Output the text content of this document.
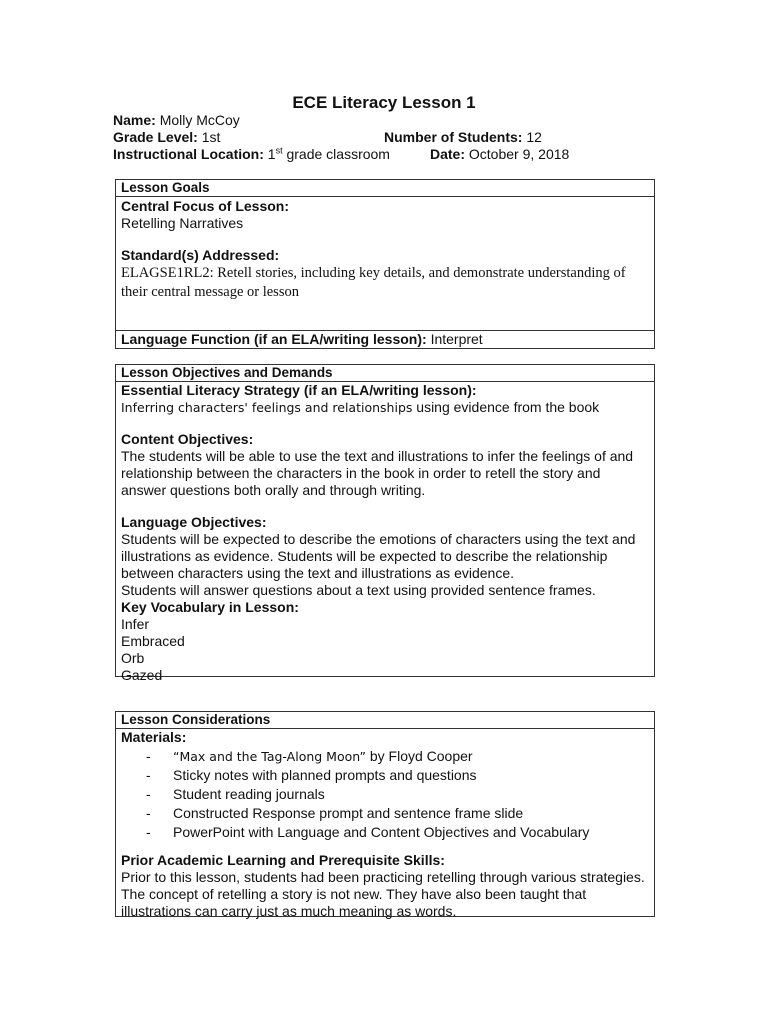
ECE Literacy Lesson 1
Name: Molly McCoy
Grade Level: 1st	Number of Students: 12
Instructional Location: 1st grade classroom	Date: October 9, 2018
Lesson Goals
Central Focus of Lesson:
Retelling Narratives
Standard(s) Addressed:
ELAGSE1RL2: Retell stories, including key details, and demonstrate understanding of their central message or lesson
Language Function (if an ELA/writing lesson): Interpret
Lesson Objectives and Demands
Essential Literacy Strategy (if an ELA/writing lesson):
Inferring characters' feelings and relationships using evidence from the book
Content Objectives:
The students will be able to use the text and illustrations to infer the feelings of and relationship between the characters in the book in order to retell the story and answer questions both orally and through writing.
Language Objectives:
Students will be expected to describe the emotions of characters using the text and illustrations as evidence. Students will be expected to describe the relationship between characters using the text and illustrations as evidence.
Students will answer questions about a text using provided sentence frames.
Key Vocabulary in Lesson:
Infer
Embraced
Orb
Gazed
Lesson Considerations
Materials:
- “Max and the Tag-Along Moon” by Floyd Cooper
- Sticky notes with planned prompts and questions
- Student reading journals
- Constructed Response prompt and sentence frame slide
- PowerPoint with Language and Content Objectives and Vocabulary
Prior Academic Learning and Prerequisite Skills:
Prior to this lesson, students had been practicing retelling through various strategies. The concept of retelling a story is not new. They have also been taught that illustrations can carry just as much meaning as words.
